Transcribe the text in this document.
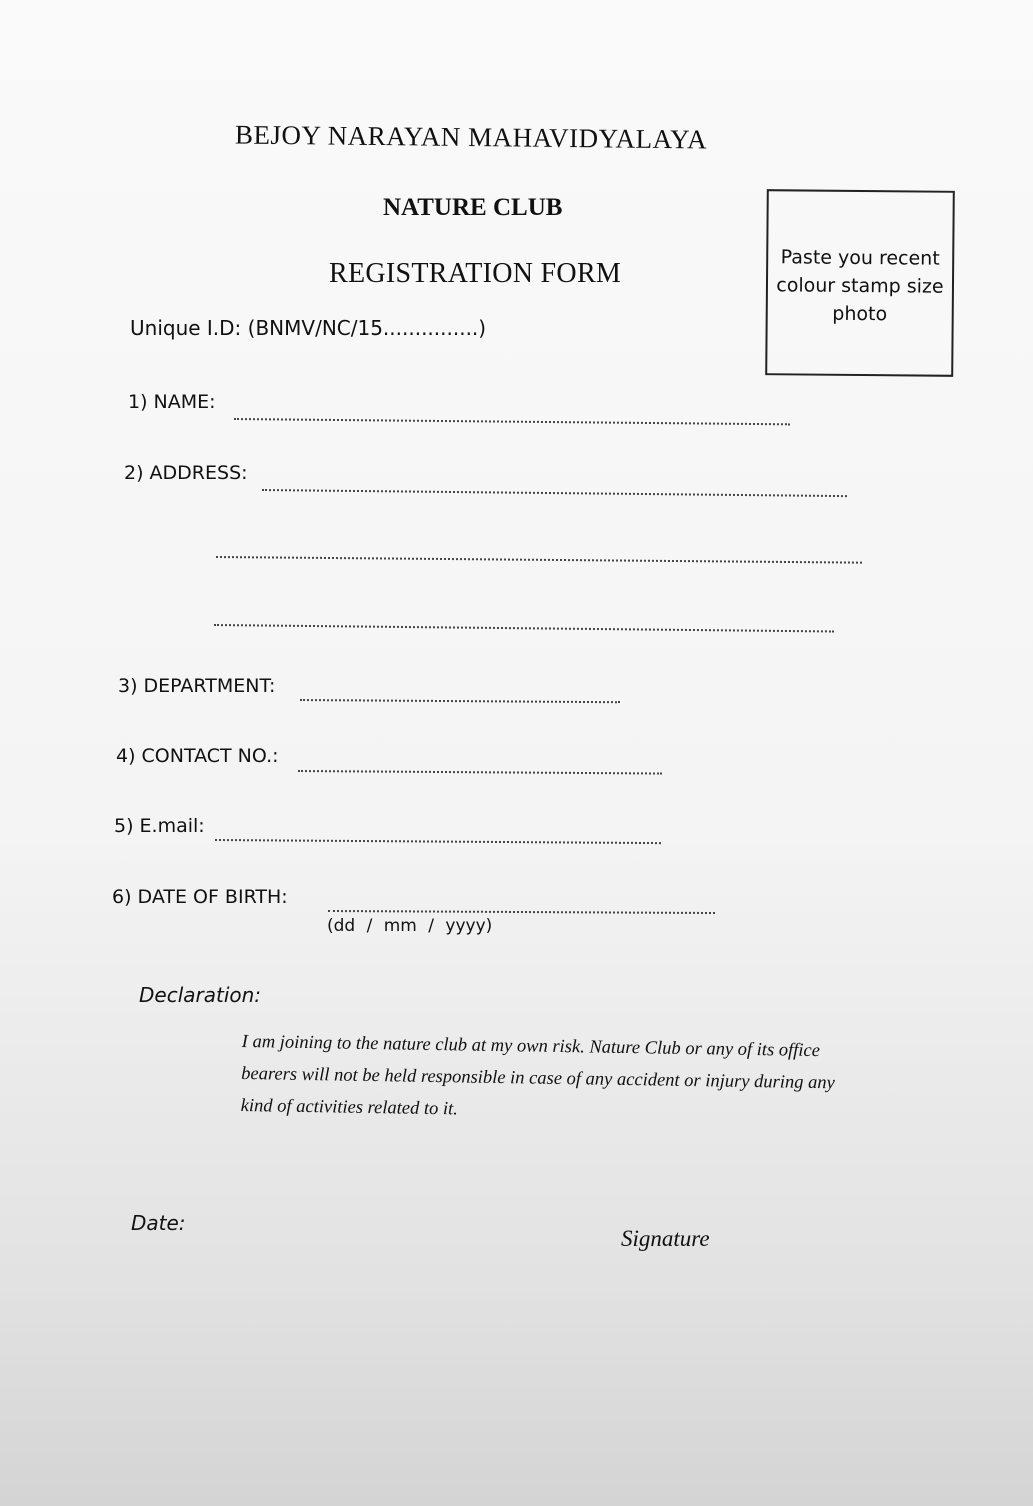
BEJOY NARAYAN MAHAVIDYALAYA
NATURE CLUB
REGISTRATION FORM	Paste you recent colour stamp size photo
Unique I.D: (BNMV/NC/15...............)
1) NAME:
2) ADDRESS:
3) DEPARTMENT:
4) CONTACT NO.:
5) E.mail:
6) DATE OF BIRTH:
(dd / mm / yyyy)
Declaration:
I am joining to the nature club at my own risk. Nature Club or any of its office bearers will not be held responsible in case of any accident or injury during any kind of activities related to it.
Date:
Signature
